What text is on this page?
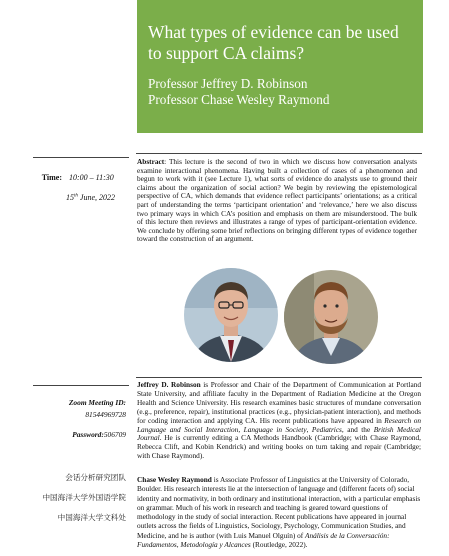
What types of evidence can be used to support CA claims?
Professor Jeffrey D. Robinson
Professor Chase Wesley Raymond
Time: 10:00 – 11:30
15th June, 2022
Abstract: This lecture is the second of two in which we discuss how conversation analysts examine interactional phenomena. Having built a collection of cases of a phenomenon and begun to work with it (see Lecture 1), what sorts of evidence do analysts use to ground their claims about the organization of social action? We begin by reviewing the epistemological perspective of CA, which demands that evidence reflect participants’ orientations; as a critical part of understanding the terms ‘participant orientation’ and ‘relevance,’ here we also discuss two primary ways in which CA’s position and emphasis on them are misunderstood. The bulk of this lecture then reviews and illustrates a range of types of participant-orientation evidence. We conclude by offering some brief reflections on bringing different types of evidence together toward the construction of an argument.
Zoom Meeting ID:
81544969728
Password:506709
会话分析研究团队
中国海洋大学外国语学院
中国海洋大学文科处
Jeffrey D. Robinson is Professor and Chair of the Department of Communication at Portland State University, and affiliate faculty in the Department of Radiation Medicine at the Oregon Health and Science University. His research examines basic structures of mundane conversation (e.g., preference, repair), institutional practices (e.g., physician-patient interaction), and methods for coding interaction and applying CA. His recent publications have appeared in Research on Language and Social Interaction, Language in Society, Pediatrics, and the British Medical Journal. He is currently editing a CA Methods Handbook (Cambridge; with Chase Raymond, Rebecca Clift, and Kobin Kendrick) and writing books on turn taking and repair (Cambridge; with Chase Raymond).
Chase Wesley Raymond is Associate Professor of Linguistics at the University of Colorado, Boulder. His research interests lie at the intersection of language and (different facets of) social identity and normativity, in both ordinary and institutional interaction, with a particular emphasis on grammar. Much of his work in research and teaching is geared toward questions of methodology in the study of social interaction. Recent publications have appeared in journal outlets across the fields of Linguistics, Sociology, Psychology, Communication Studies, and Medicine, and he is author (with Luis Manuel Olguín) of Análisis de la Conversación: Fundamentos, Metodología y Alcances (Routledge, 2022).
